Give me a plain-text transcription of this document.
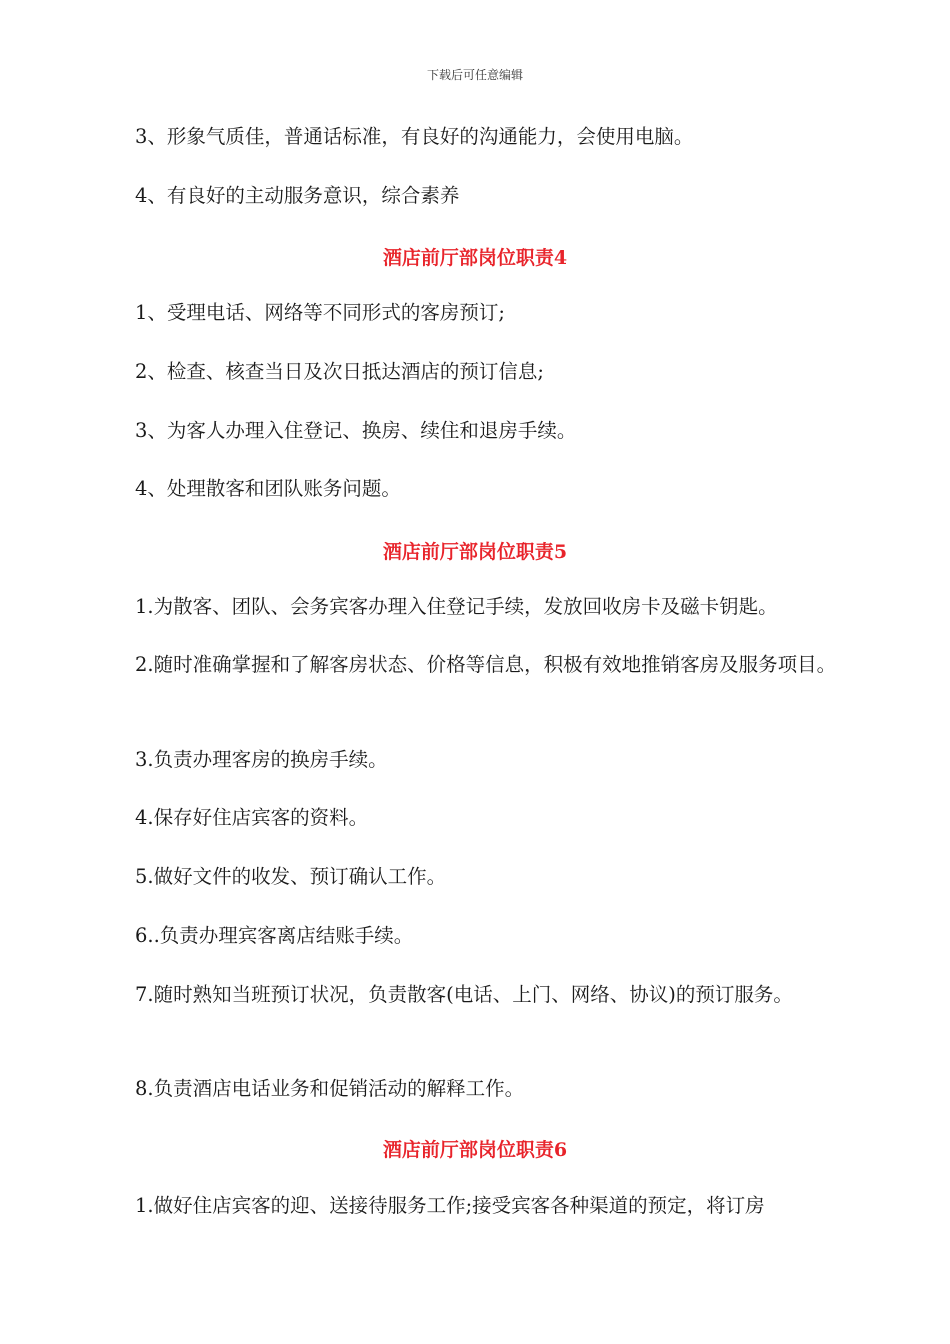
下载后可任意编辑
3、形象气质佳，普通话标准，有良好的沟通能力，会使用电脑。
4、有良好的主动服务意识，综合素养
酒店前厅部岗位职责4
1、受理电话、网络等不同形式的客房预订;
2、检查、核查当日及次日抵达酒店的预订信息;
3、为客人办理入住登记、换房、续住和退房手续。
4、处理散客和团队账务问题。
酒店前厅部岗位职责5
1.为散客、团队、会务宾客办理入住登记手续，发放回收房卡及磁卡钥匙。
2.随时准确掌握和了解客房状态、价格等信息，积极有效地推销客房及服务项目。
3.负责办理客房的换房手续。
4.保存好住店宾客的资料。
5.做好文件的收发、预订确认工作。
6..负责办理宾客离店结账手续。
7.随时熟知当班预订状况，负责散客(电话、上门、网络、协议)的预订服务。
8.负责酒店电话业务和促销活动的解释工作。
酒店前厅部岗位职责6
1.做好住店宾客的迎、送接待服务工作;接受宾客各种渠道的预定，将订房
